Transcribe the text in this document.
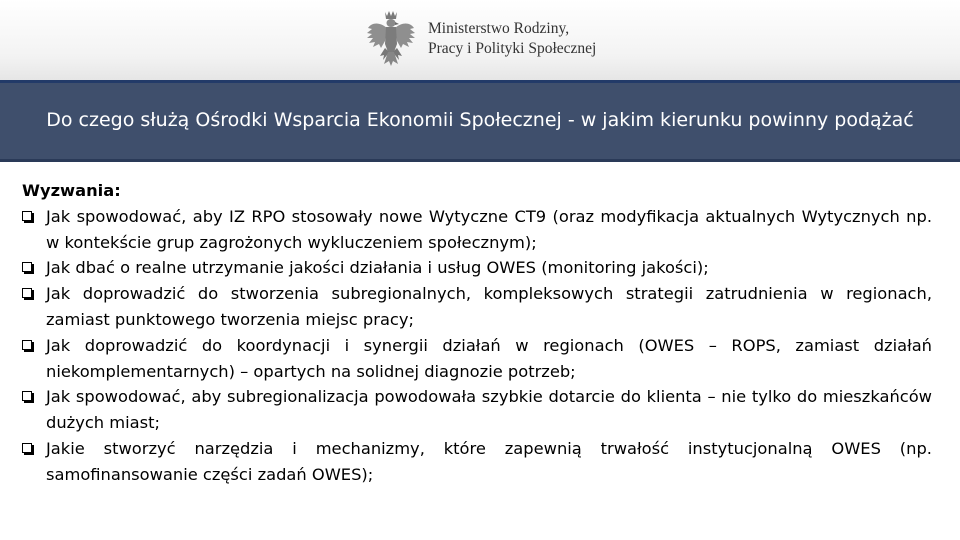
Ministerstwo Rodziny,
Pracy i Polityki Społecznej
Do czego służą Ośrodki Wsparcia Ekonomii Społecznej - w jakim kierunku powinny podążać

Wyzwania:

Jak spowodować, aby IZ RPO stosowały nowe Wytyczne CT9 (oraz modyfikacja aktualnych Wytycznych np. w kontekście grup zagrożonych wykluczeniem społecznym);
Jak dbać o realne utrzymanie jakości działania i usług OWES (monitoring jakości);
Jak doprowadzić do stworzenia subregionalnych, kompleksowych strategii zatrudnienia w regionach, zamiast punktowego tworzenia miejsc pracy;
Jak doprowadzić do koordynacji i synergii działań w regionach (OWES – ROPS, zamiast działań niekomplementarnych) – opartych na solidnej diagnozie potrzeb;
Jak spowodować, aby subregionalizacja powodowała szybkie dotarcie do klienta – nie tylko do mieszkańców dużych miast;
Jakie stworzyć narzędzia i mechanizmy, które zapewnią trwałość instytucjonalną OWES (np. samofinansowanie części zadań OWES);
